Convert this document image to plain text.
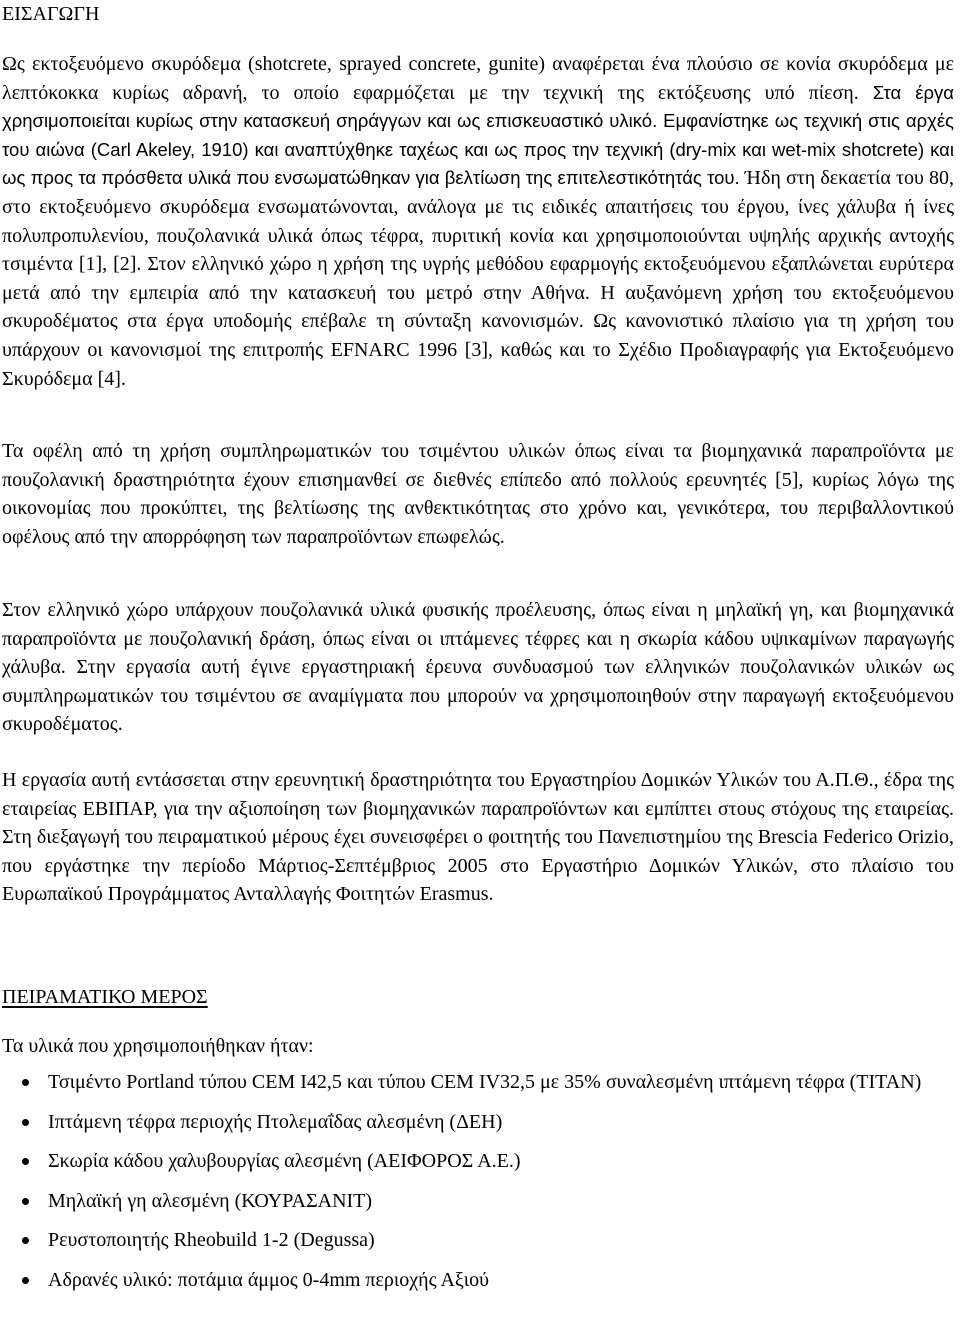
ΕΙΣΑΓΩΓΗ

Ως εκτοξευόμενο σκυρόδεμα (shotcrete, sprayed concrete, gunite) αναφέρεται ένα πλούσιο σε κονία σκυρόδεμα με λεπτόκοκκα κυρίως αδρανή, το οποίο εφαρμόζεται με την τεχνική της εκτόξευσης υπό πίεση. Στα έργα χρησιμοποιείται κυρίως στην κατασκευή σηράγγων και ως επισκευαστικό υλικό. Εμφανίστηκε ως τεχνική στις αρχές του αιώνα (Carl Akeley, 1910) και αναπτύχθηκε ταχέως και ως προς την τεχνική (dry-mix και wet-mix shotcrete) και ως προς τα πρόσθετα υλικά που ενσωματώθηκαν για βελτίωση της επιτελεστικότητάς του. Ήδη στη δεκαετία του 80, στο εκτοξευόμενο σκυρόδεμα ενσωματώνονται, ανάλογα με τις ειδικές απαιτήσεις του έργου, ίνες χάλυβα ή ίνες πολυπροπυλενίου, πουζολανικά υλικά όπως τέφρα, πυριτική κονία και χρησιμοποιούνται υψηλής αρχικής αντοχής τσιμέντα [1], [2]. Στον ελληνικό χώρο η χρήση της υγρής μεθόδου εφαρμογής εκτοξευόμενου εξαπλώνεται ευρύτερα μετά από την εμπειρία από την κατασκευή του μετρό στην Αθήνα. Η αυξανόμενη χρήση του εκτοξευόμενου σκυροδέματος στα έργα υποδομής επέβαλε τη σύνταξη κανονισμών. Ως κανονιστικό πλαίσιο για τη χρήση του υπάρχουν οι κανονισμοί της επιτροπής EFNARC 1996 [3], καθώς και το Σχέδιο Προδιαγραφής για Εκτοξευόμενο Σκυρόδεμα [4].

Τα οφέλη από τη χρήση συμπληρωματικών του τσιμέντου υλικών όπως είναι τα βιομηχανικά παραπροϊόντα με πουζολανική δραστηριότητα έχουν επισημανθεί σε διεθνές επίπεδο από πολλούς ερευνητές [5], κυρίως λόγω της οικονομίας που προκύπτει, της βελτίωσης της ανθεκτικότητας στο χρόνο και, γενικότερα, του περιβαλλοντικού οφέλους από την απορρόφηση των παραπροϊόντων επωφελώς.

Στον ελληνικό χώρο υπάρχουν πουζολανικά υλικά φυσικής προέλευσης, όπως είναι η μηλαϊκή γη, και βιομηχανικά παραπροϊόντα με πουζολανική δράση, όπως είναι οι ιπτάμενες τέφρες και η σκωρία κάδου υψικαμίνων παραγωγής χάλυβα. Στην εργασία αυτή έγινε εργαστηριακή έρευνα συνδυασμού των ελληνικών πουζολανικών υλικών ως συμπληρωματικών του τσιμέντου σε αναμίγματα που μπορούν να χρησιμοποιηθούν στην παραγωγή εκτοξευόμενου σκυροδέματος.

Η εργασία αυτή εντάσσεται στην ερευνητική δραστηριότητα του Εργαστηρίου Δομικών Υλικών του Α.Π.Θ., έδρα της εταιρείας ΕΒΙΠΑΡ, για την αξιοποίηση των βιομηχανικών παραπροϊόντων και εμπίπτει στους στόχους της εταιρείας. Στη διεξαγωγή του πειραματικού μέρους έχει συνεισφέρει ο φοιτητής του Πανεπιστημίου της Brescia Federico Orizio, που εργάστηκε την περίοδο Μάρτιος-Σεπτέμβριος 2005 στο Εργαστήριο Δομικών Υλικών, στο πλαίσιο του Ευρωπαϊκού Προγράμματος Ανταλλαγής Φοιτητών Erasmus.

ΠΕΙΡΑΜΑΤΙΚΟ ΜΕΡΟΣ

Τα υλικά που χρησιμοποιήθηκαν ήταν:

Τσιμέντο Portland τύπου CEM I42,5 και τύπου CEM IV32,5 με 35% συναλεσμένη ιπτάμενη τέφρα (ΤΙΤΑΝ)
Ιπτάμενη τέφρα περιοχής Πτολεμαΐδας αλεσμένη (ΔΕΗ)
Σκωρία κάδου χαλυβουργίας αλεσμένη (ΑΕΙΦΟΡΟΣ Α.Ε.)
Μηλαϊκή γη αλεσμένη (ΚΟΥΡΑΣΑΝΙΤ)
Ρευστοποιητής Rheobuild 1-2 (Degussa)
Αδρανές υλικό: ποτάμια άμμος 0-4mm περιοχής Αξιού
